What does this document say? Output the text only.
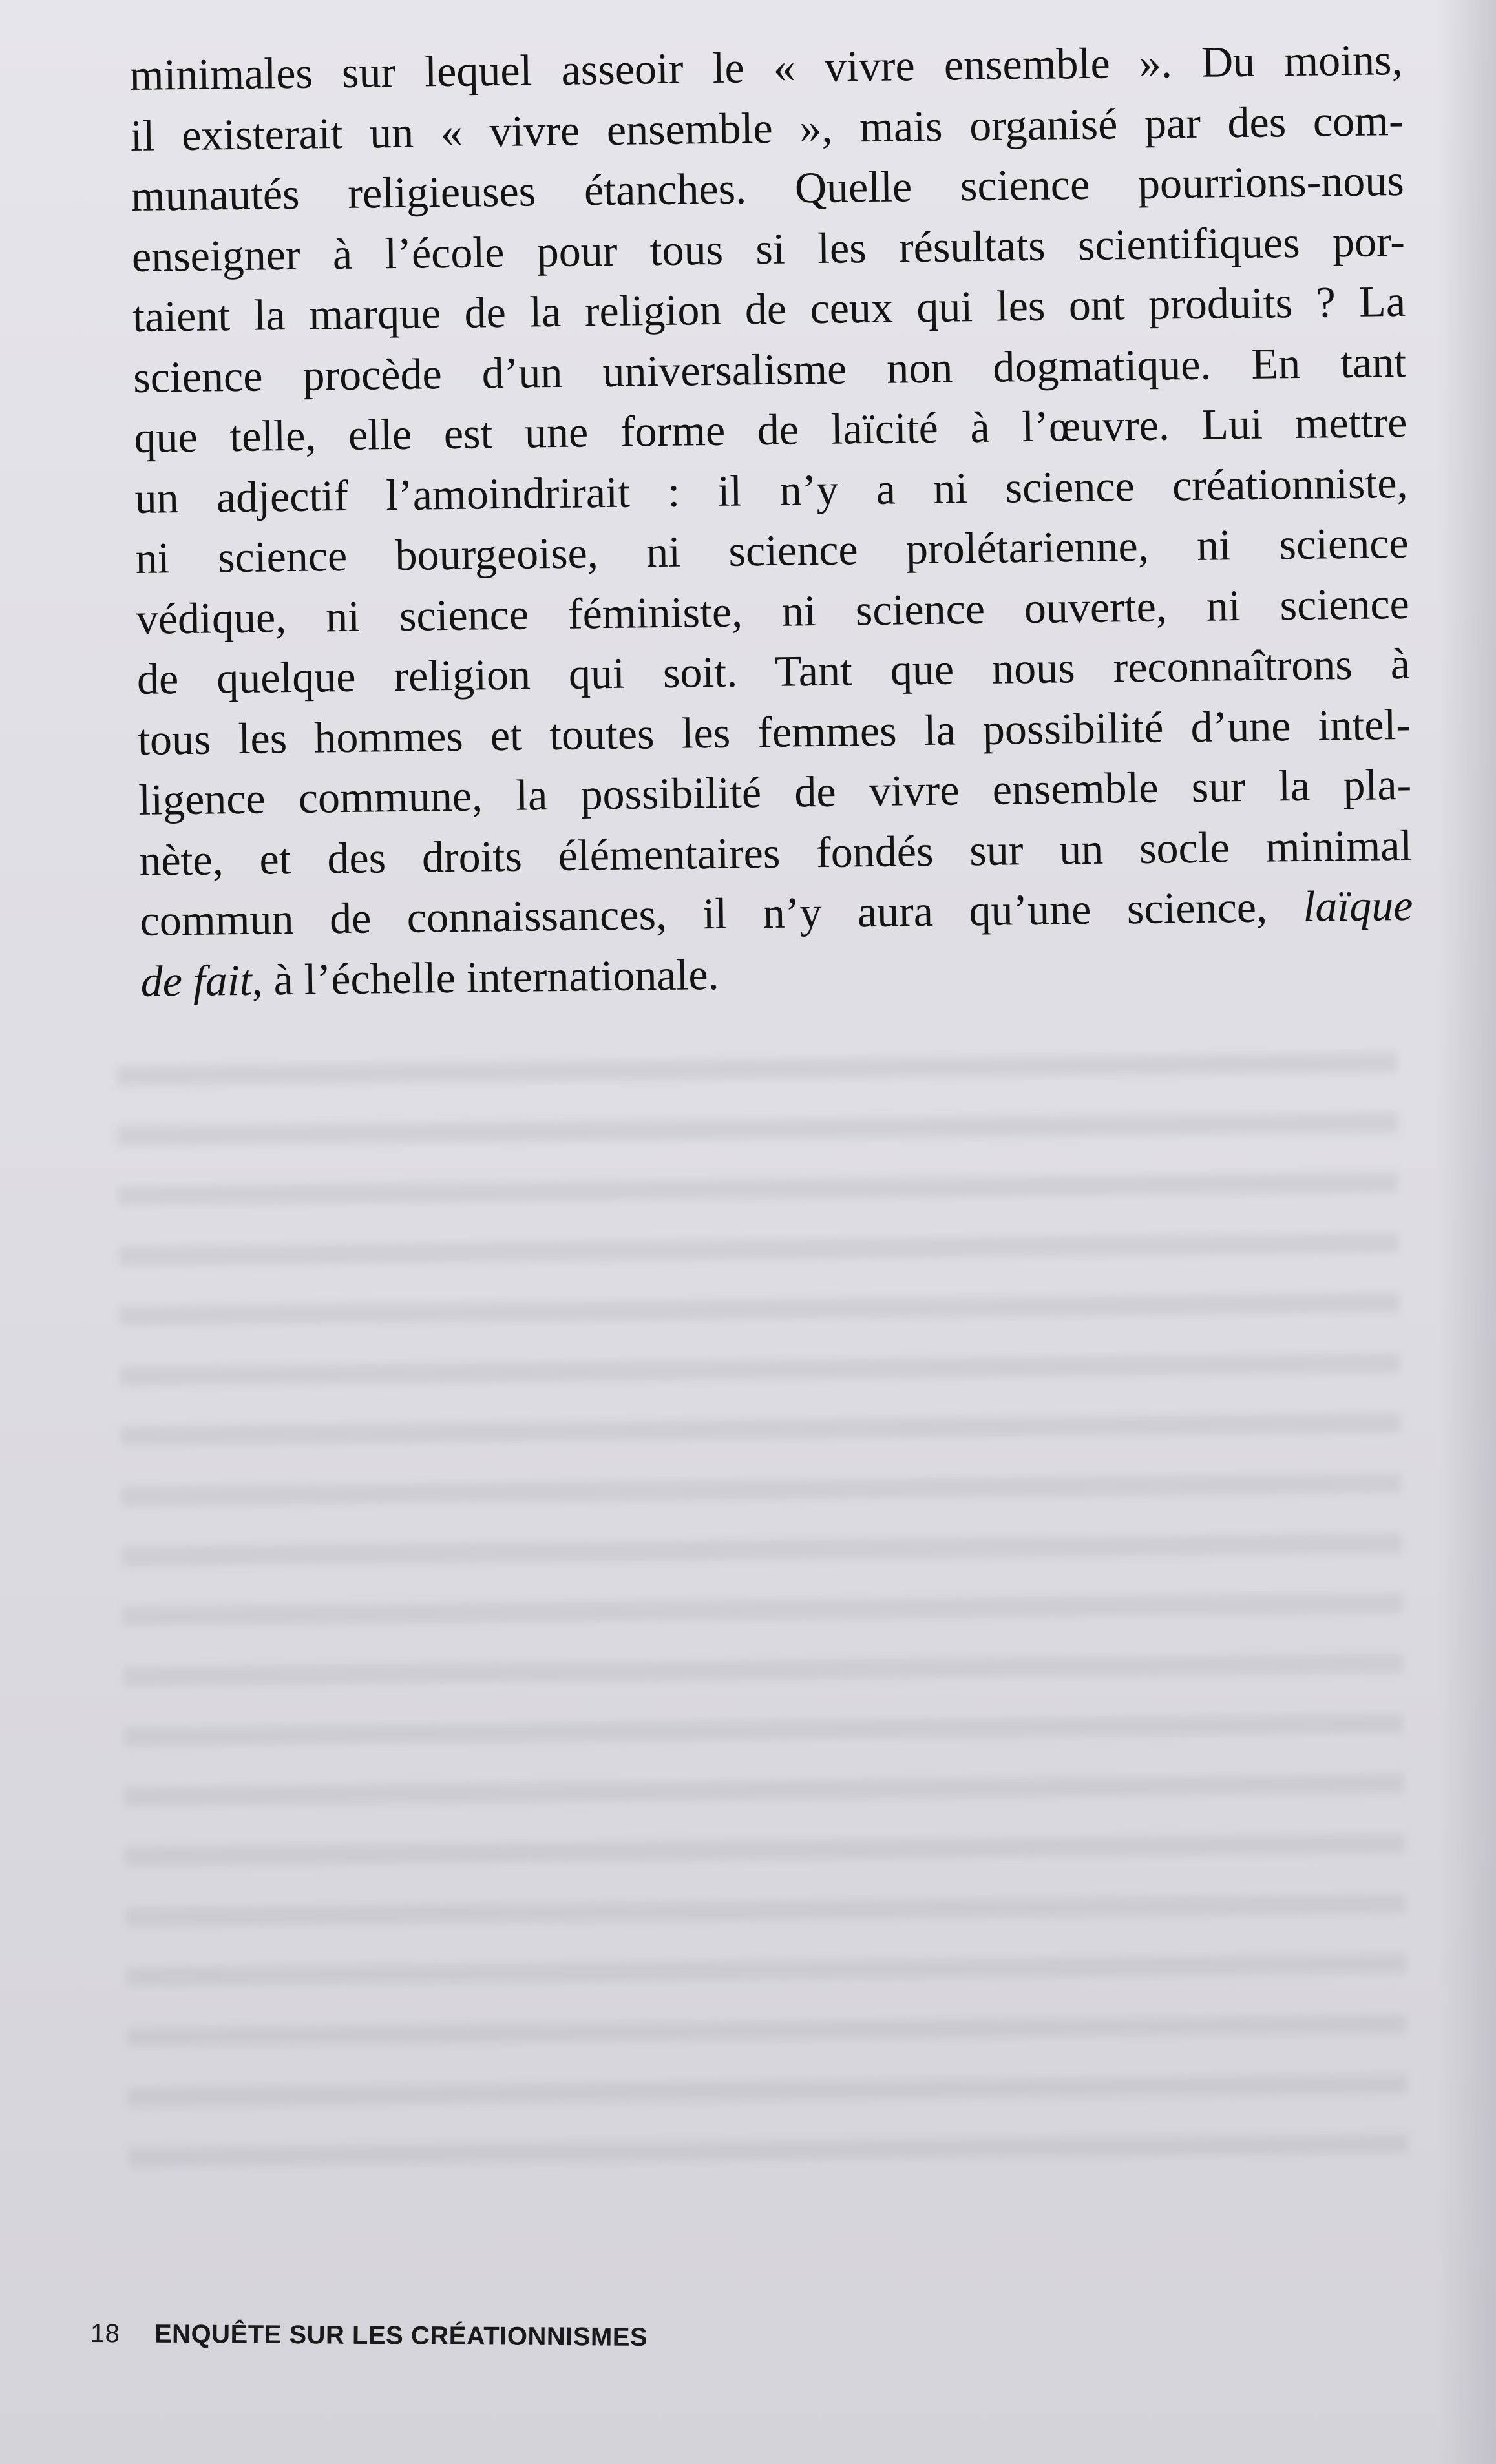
minimales sur lequel asseoir le « vivre ensemble ». Du moins,
il existerait un « vivre ensemble », mais organisé par des com-
munautés religieuses étanches. Quelle science pourrions-nous
enseigner à l’école pour tous si les résultats scientifiques por-
taient la marque de la religion de ceux qui les ont produits ? La
science procède d’un universalisme non dogmatique. En tant
que telle, elle est une forme de laïcité à l’œuvre. Lui mettre
un adjectif l’amoindrirait : il n’y a ni science créationniste,
ni science bourgeoise, ni science prolétarienne, ni science
védique, ni science féministe, ni science ouverte, ni science
de quelque religion qui soit. Tant que nous reconnaîtrons à
tous les hommes et toutes les femmes la possibilité d’une intel-
ligence commune, la possibilité de vivre ensemble sur la pla-
nète, et des droits élémentaires fondés sur un socle minimal
commun de connaissances, il n’y aura qu’une science, laïque
de fait, à l’échelle internationale.

18 ENQUÊTE SUR LES CRÉATIONNISMES
